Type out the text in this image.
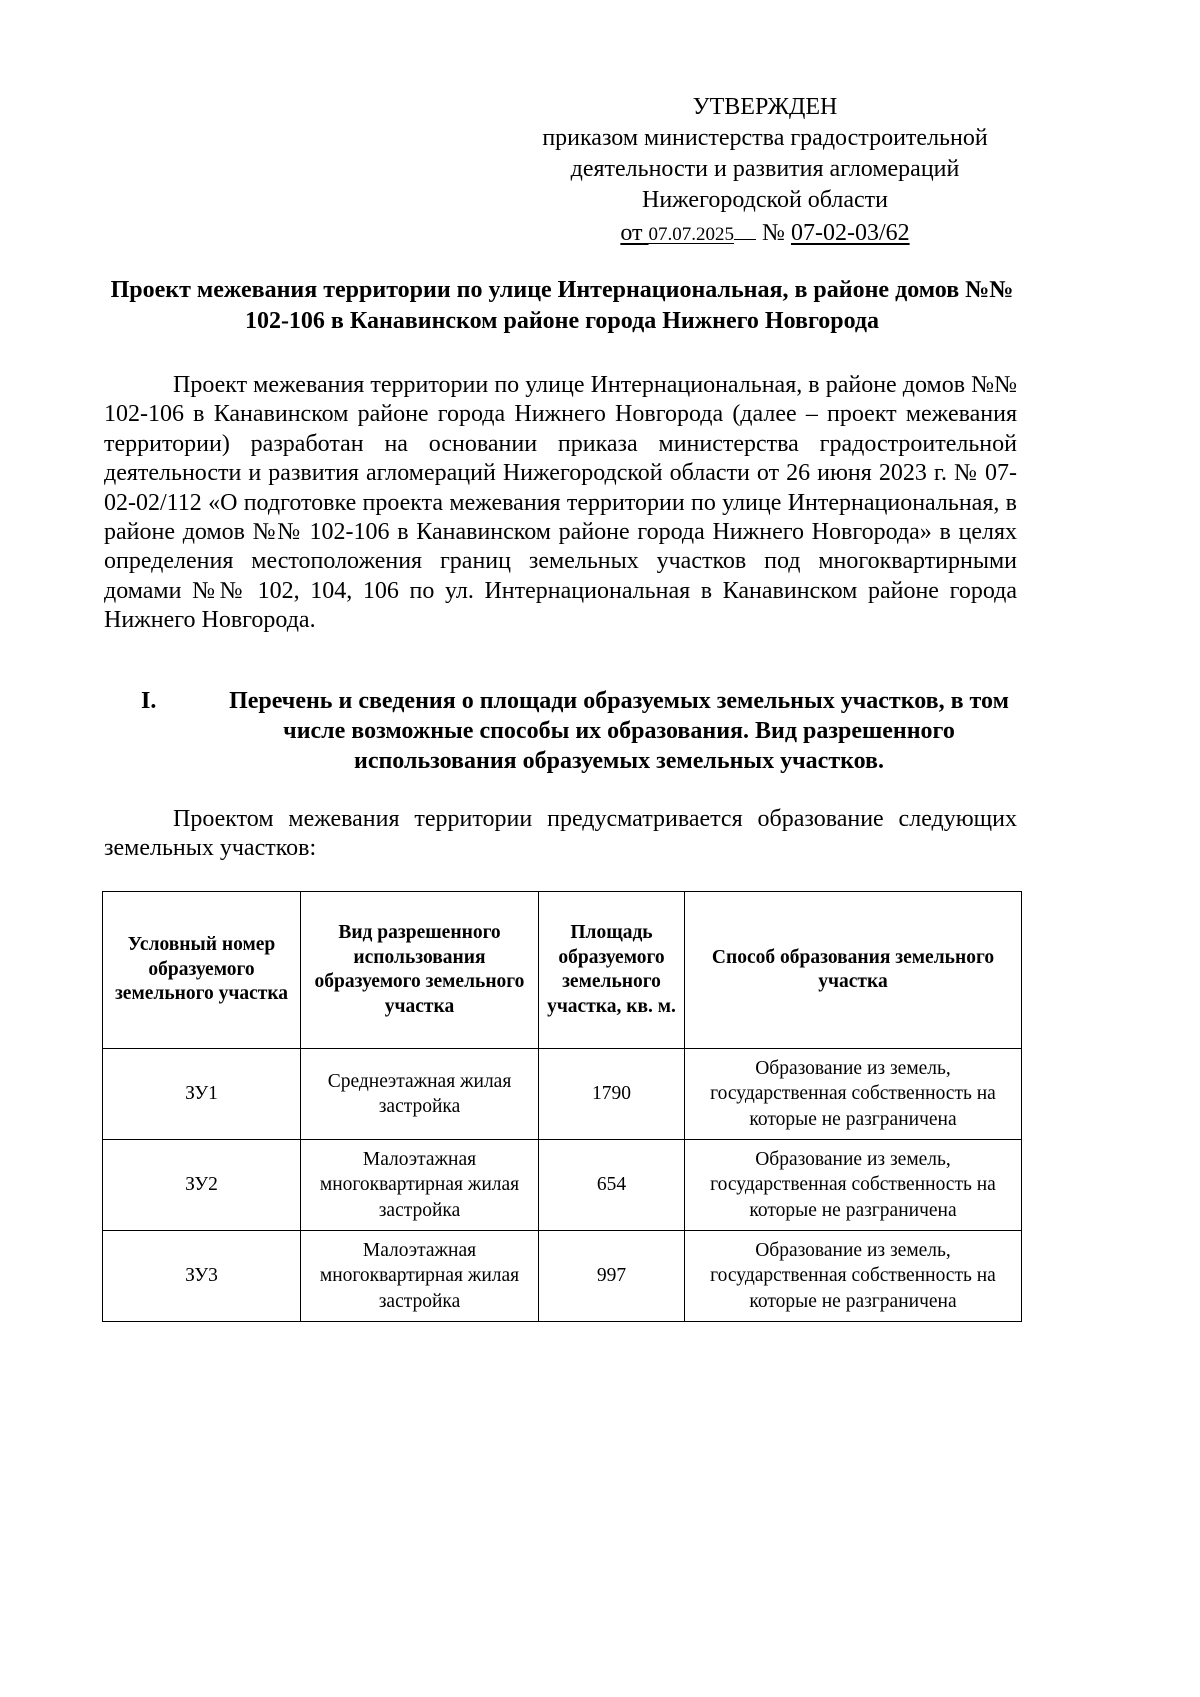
УТВЕРЖДЕН
приказом министерства градостроительной
деятельности и развития агломераций
Нижегородской области
от 07.07.2025 № 07-02-03/62
Проект межевания территории по улице Интернациональная, в районе домов №№ 102-106 в Канавинском районе города Нижнего Новгорода
Проект межевания территории по улице Интернациональная, в районе домов №№ 102-106 в Канавинском районе города Нижнего Новгорода (далее – проект межевания территории) разработан на основании приказа министерства градостроительной деятельности и развития агломераций Нижегородской области от 26 июня 2023 г. № 07-02-02/112 «О подготовке проекта межевания территории по улице Интернациональная, в районе домов №№ 102-106 в Канавинском районе города Нижнего Новгорода» в целях определения местоположения границ земельных участков под многоквартирными домами №№ 102, 104, 106 по ул. Интернациональная в Канавинском районе города Нижнего Новгорода.
I.	Перечень и сведения о площади образуемых земельных участков, в том числе возможные способы их образования. Вид разрешенного использования образуемых земельных участков.
Проектом межевания территории предусматривается образование следующих земельных участков:
Условный номер образуемого земельного участка	Вид разрешенного использования образуемого земельного участка	Площадь образуемого земельного участка, кв. м.	Способ образования земельного участка
ЗУ1	Среднеэтажная жилая застройка	1790	Образование из земель, государственная собственность на которые не разграничена
ЗУ2	Малоэтажная многоквартирная жилая застройка	654	Образование из земель, государственная собственность на которые не разграничена
ЗУ3	Малоэтажная многоквартирная жилая застройка	997	Образование из земель, государственная собственность на которые не разграничена
